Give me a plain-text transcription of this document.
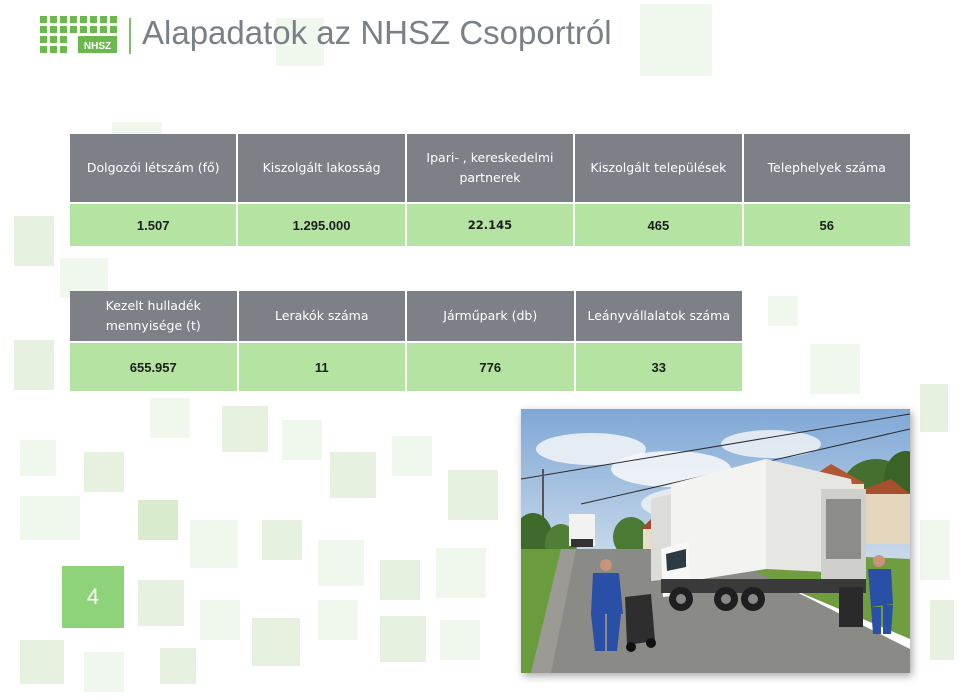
NHSZ Alapadatok az NHSZ Csoportról
Dolgozói létszám (fő)	Kiszolgált lakosság	Ipari- , kereskedelmi partnerek	Kiszolgált települések	Telephelyek száma
1.507	1.295.000	22.145	465	56
Kezelt hulladék mennyisége (t)	Lerakók száma	Járműpark (db)	Leányvállalatok száma
655.957	11	776	33
4
